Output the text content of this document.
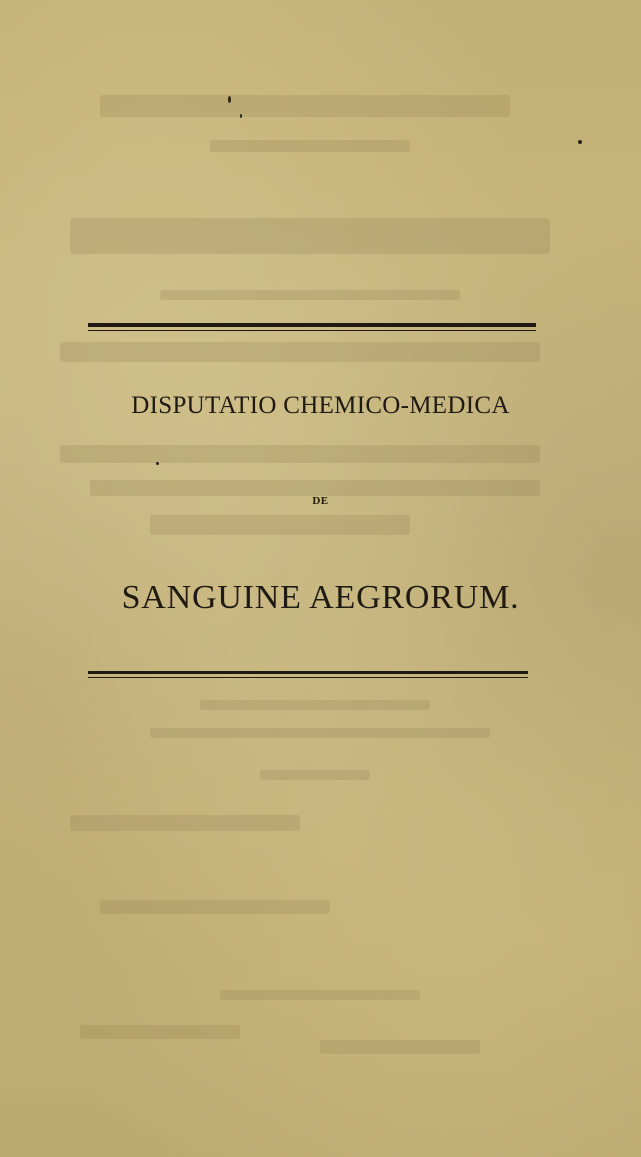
DISPUTATIO CHEMICO-MEDICA
DE
SANGUINE AEGRORUM.
